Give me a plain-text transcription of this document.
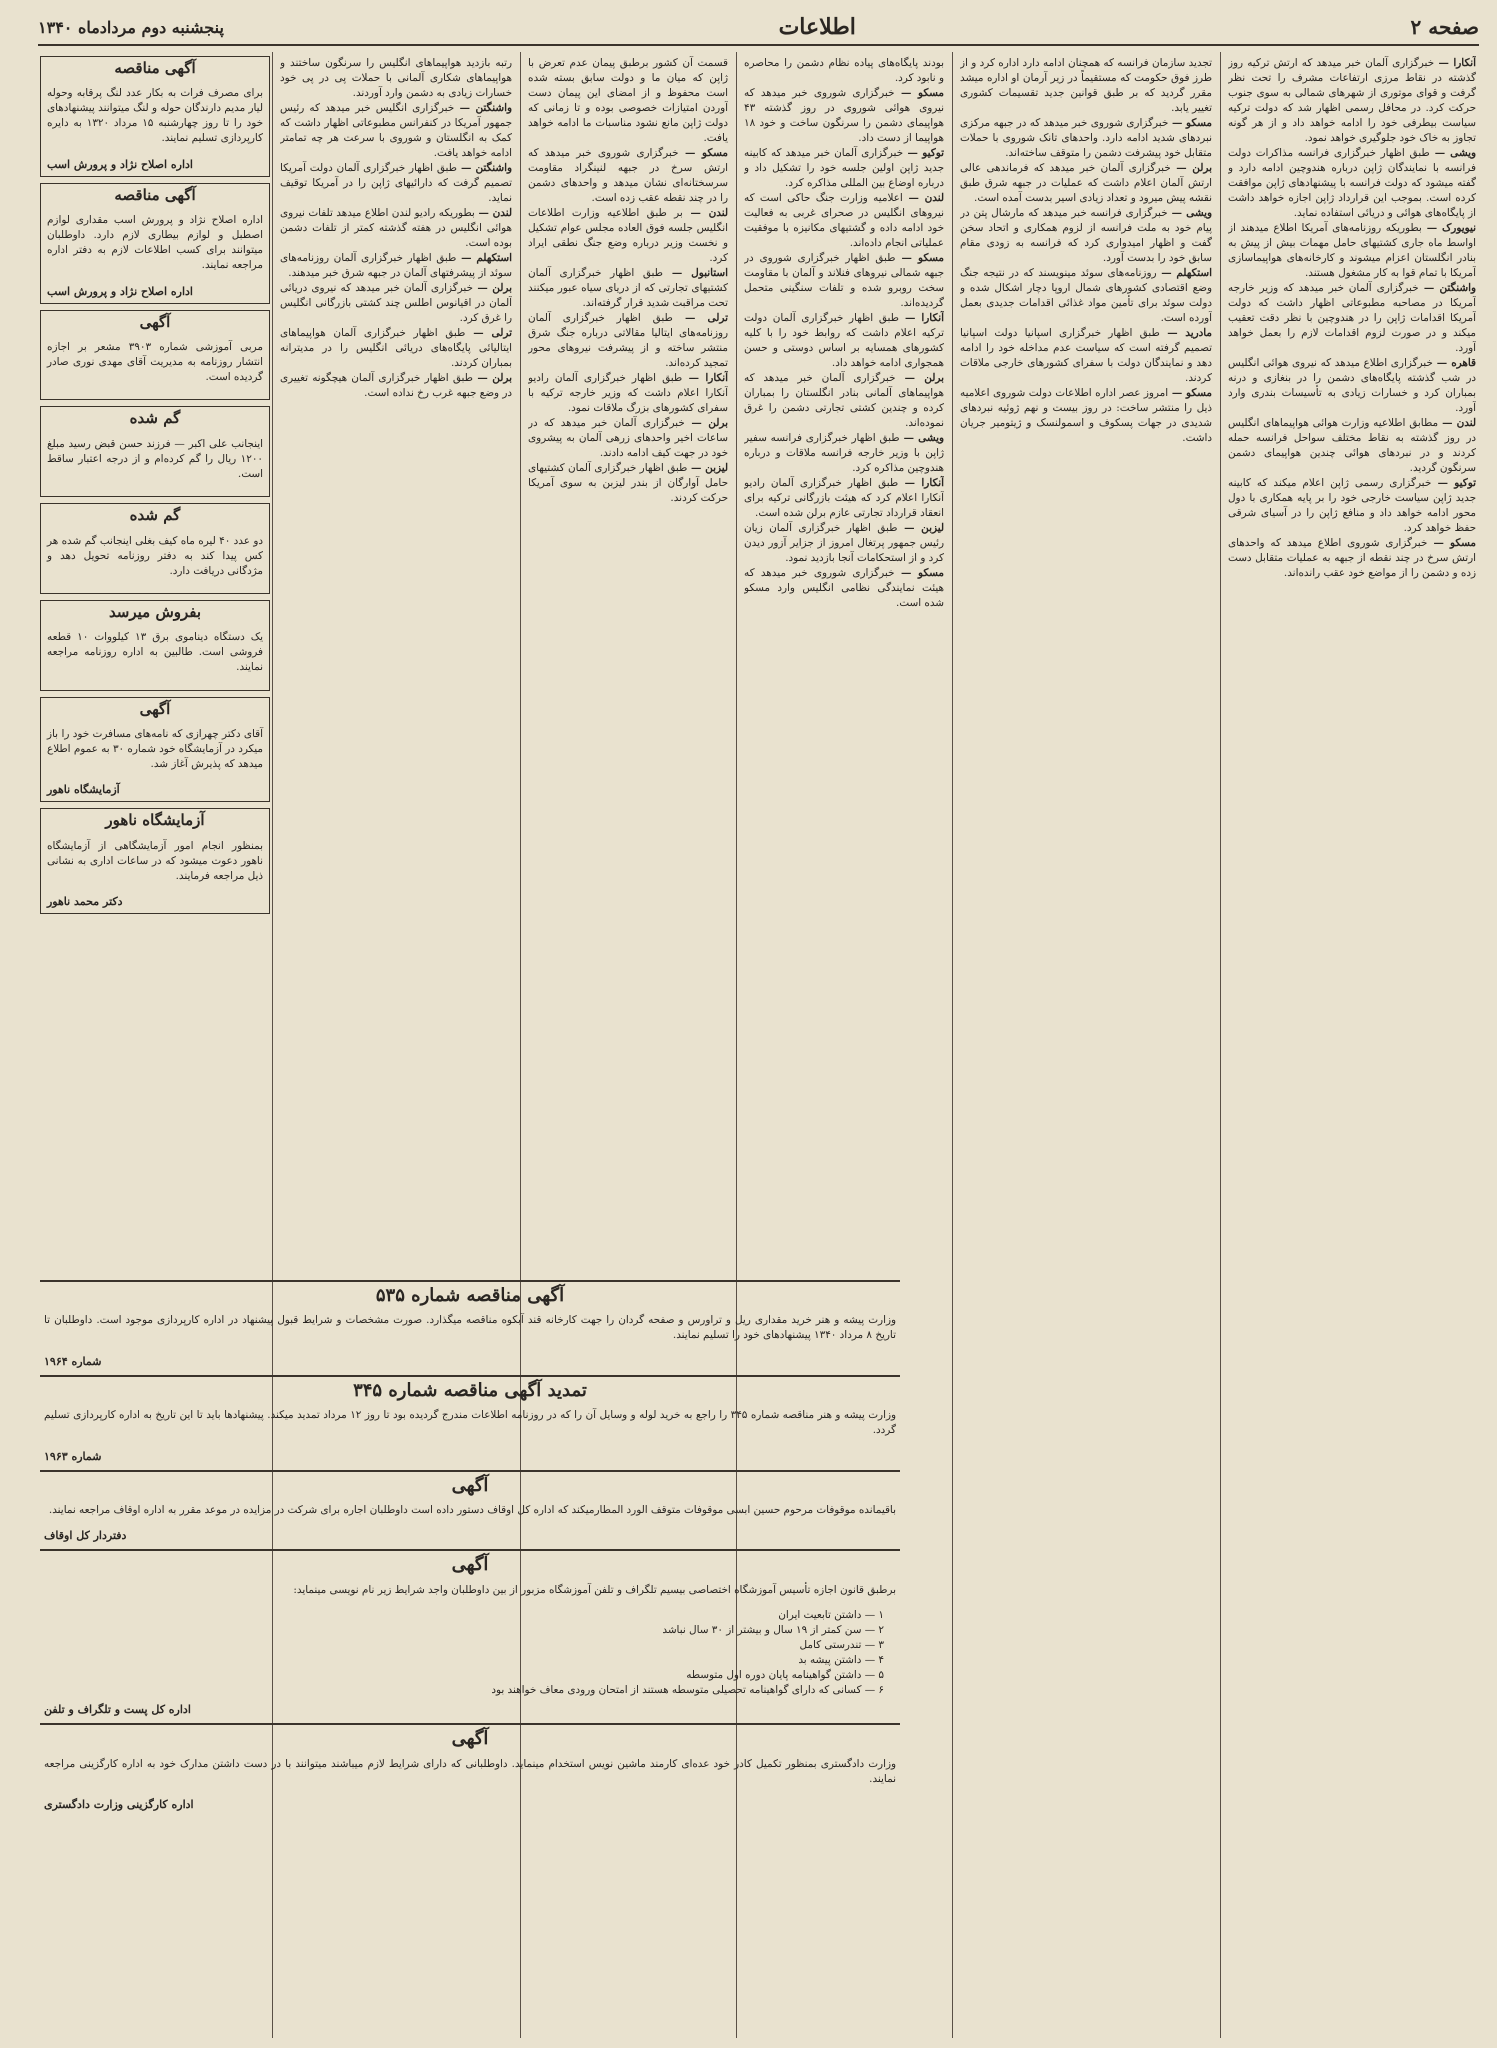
صفحه ۲
اطلاعات
پنجشنبه دوم مردادماه ۱۳۴۰

آنکارا — خبرگزاری آلمان خبر میدهد که ارتش ترکیه روز گذشته در نقاط مرزی ارتفاعات مشرف را تحت نظر گرفت و قوای موتوری از شهرهای شمالی به سوی جنوب حرکت کرد. در محافل رسمی اظهار شد که دولت ترکیه سیاست بیطرفی خود را ادامه خواهد داد و از هر گونه تجاوز به خاک خود جلوگیری خواهد نمود.

ویشی — طبق اظهار خبرگزاری فرانسه مذاکرات دولت فرانسه با نمایندگان ژاپن درباره هندوچین ادامه دارد و گفته میشود که دولت فرانسه با پیشنهادهای ژاپن موافقت کرده است. بموجب این قرارداد ژاپن اجازه خواهد داشت از پایگاه‌های هوائی و دریائی استفاده نماید.

نیویورک — بطوریکه روزنامه‌های آمریکا اطلاع میدهند از اواسط ماه جاری کشتیهای حامل مهمات بیش از پیش به بنادر انگلستان اعزام میشوند و کارخانه‌های هواپیماسازی آمریکا با تمام قوا به کار مشغول هستند.

واشنگتن — خبرگزاری آلمان خبر میدهد که وزیر خارجه آمریکا در مصاحبه مطبوعاتی اظهار داشت که دولت آمریکا اقدامات ژاپن را در هندوچین با نظر دقت تعقیب میکند و در صورت لزوم اقدامات لازم را بعمل خواهد آورد.

قاهره — خبرگزاری اطلاع میدهد که نیروی هوائی انگلیس در شب گذشته پایگاه‌های دشمن را در بنغازی و درنه بمباران کرد و خسارات زیادی به تأسیسات بندری وارد آورد.

لندن — مطابق اطلاعیه وزارت هوائی هواپیماهای انگلیس در روز گذشته به نقاط مختلف سواحل فرانسه حمله کردند و در نبردهای هوائی چندین هواپیمای دشمن سرنگون گردید.

توکیو — خبرگزاری رسمی ژاپن اعلام میکند که کابینه جدید ژاپن سیاست خارجی خود را بر پایه همکاری با دول محور ادامه خواهد داد و منافع ژاپن را در آسیای شرقی حفظ خواهد کرد.

مسکو — خبرگزاری شوروی اطلاع میدهد که واحدهای ارتش سرخ در چند نقطه از جبهه به عملیات متقابل دست زده و دشمن را از مواضع خود عقب رانده‌اند.

تجدید سازمان فرانسه که همچنان ادامه دارد اداره کرد و از طرز فوق حکومت که مستقیماً در زیر آرمان او اداره میشد مقرر گردید که بر طبق قوانین جدید تقسیمات کشوری تغییر یابد.

مسکو — خبرگزاری شوروی خبر میدهد که در جبهه مرکزی نبردهای شدید ادامه دارد. واحدهای تانک شوروی با حملات متقابل خود پیشرفت دشمن را متوقف ساخته‌اند.

برلن — خبرگزاری آلمان خبر میدهد که فرماندهی عالی ارتش آلمان اعلام داشت که عملیات در جبهه شرق طبق نقشه پیش میرود و تعداد زیادی اسیر بدست آمده است.

ویشی — خبرگزاری فرانسه خبر میدهد که مارشال پتن در پیام خود به ملت فرانسه از لزوم همکاری و اتحاد سخن گفت و اظهار امیدواری کرد که فرانسه به زودی مقام سابق خود را بدست آورد.

استکهلم — روزنامه‌های سوئد مینویسند که در نتیجه جنگ وضع اقتصادی کشورهای شمال اروپا دچار اشکال شده و دولت سوئد برای تأمین مواد غذائی اقدامات جدیدی بعمل آورده است.

مادرید — طبق اظهار خبرگزاری اسپانیا دولت اسپانیا تصمیم گرفته است که سیاست عدم مداخله خود را ادامه دهد و نمایندگان دولت با سفرای کشورهای خارجی ملاقات کردند.

مسکو — امروز عصر اداره اطلاعات دولت شوروی اعلامیه ذیل را منتشر ساخت: در روز بیست و نهم ژوئیه نبردهای شدیدی در جهات پسکوف و اسمولنسک و ژیتومیر جریان داشت.

بودند پایگاه‌های پیاده نظام دشمن را محاصره و نابود کرد.

مسکو — خبرگزاری شوروی خبر میدهد که نیروی هوائی شوروی در روز گذشته ۴۳ هواپیمای دشمن را سرنگون ساخت و خود ۱۸ هواپیما از دست داد.

توکیو — خبرگزاری آلمان خبر میدهد که کابینه جدید ژاپن اولین جلسه خود را تشکیل داد و درباره اوضاع بین المللی مذاکره کرد.

لندن — اعلامیه وزارت جنگ حاکی است که نیروهای انگلیس در صحرای غربی به فعالیت خود ادامه داده و گشتیهای مکانیزه با موفقیت عملیاتی انجام داده‌اند.

مسکو — طبق اظهار خبرگزاری شوروی در جبهه شمالی نیروهای فنلاند و آلمان با مقاومت سخت روبرو شده و تلفات سنگینی متحمل گردیده‌اند.

آنکارا — طبق اظهار خبرگزاری آلمان دولت ترکیه اعلام داشت که روابط خود را با کلیه کشورهای همسایه بر اساس دوستی و حسن همجواری ادامه خواهد داد.

برلن — خبرگزاری آلمان خبر میدهد که هواپیماهای آلمانی بنادر انگلستان را بمباران کرده و چندین کشتی تجارتی دشمن را غرق نموده‌اند.

ویشی — طبق اظهار خبرگزاری فرانسه سفیر ژاپن با وزیر خارجه فرانسه ملاقات و درباره هندوچین مذاکره کرد.

آنکارا — طبق اظهار خبرگزاری آلمان رادیو آنکارا اعلام کرد که هیئت بازرگانی ترکیه برای انعقاد قرارداد تجارتی عازم برلن شده است.

لیزبن — طبق اظهار خبرگزاری آلمان زیان رئیس جمهور پرتغال امروز از جزایر آزور دیدن کرد و از استحکامات آنجا بازدید نمود.

مسکو — خبرگزاری شوروی خبر میدهد که هیئت نمایندگی نظامی انگلیس وارد مسکو شده است.

قسمت آن کشور برطبق پیمان عدم تعرض با ژاپن که میان ما و دولت سابق بسته شده است محفوظ و از امضای این پیمان دست آوردن امتیازات خصوصی بوده و تا زمانی که دولت ژاپن مانع نشود مناسبات ما ادامه خواهد یافت.

مسکو — خبرگزاری شوروی خبر میدهد که ارتش سرخ در جبهه لنینگراد مقاومت سرسختانه‌ای نشان میدهد و واحدهای دشمن را در چند نقطه عقب زده است.

لندن — بر طبق اطلاعیه وزارت اطلاعات انگلیس جلسه فوق العاده مجلس عوام تشکیل و نخست وزیر درباره وضع جنگ نطقی ایراد کرد.

استانبول — طبق اظهار خبرگزاری آلمان کشتیهای تجارتی که از دریای سیاه عبور میکنند تحت مراقبت شدید قرار گرفته‌اند.

ترلی — طبق اظهار خبرگزاری آلمان روزنامه‌های ایتالیا مقالاتی درباره جنگ شرق منتشر ساخته و از پیشرفت نیروهای محور تمجید کرده‌اند.

آنکارا — طبق اظهار خبرگزاری آلمان رادیو آنکارا اعلام داشت که وزیر خارجه ترکیه با سفرای کشورهای بزرگ ملاقات نمود.

برلن — خبرگزاری آلمان خبر میدهد که در ساعات اخیر واحدهای زرهی آلمان به پیشروی خود در جهت کیف ادامه دادند.

لیزبن — طبق اظهار خبرگزاری آلمان کشتیهای حامل آوارگان از بندر لیزبن به سوی آمریکا حرکت کردند.

رتبه بازدید هواپیماهای انگلیس را سرنگون ساختند و هواپیماهای شکاری آلمانی با حملات پی در پی خود خسارات زیادی به دشمن وارد آوردند.

واشنگتن — خبرگزاری انگلیس خبر میدهد که رئیس جمهور آمریکا در کنفرانس مطبوعاتی اظهار داشت که کمک به انگلستان و شوروی با سرعت هر چه تمامتر ادامه خواهد یافت.

واشنگتن — طبق اظهار خبرگزاری آلمان دولت آمریکا تصمیم گرفت که دارائیهای ژاپن را در آمریکا توقیف نماید.

لندن — بطوریکه رادیو لندن اطلاع میدهد تلفات نیروی هوائی انگلیس در هفته گذشته کمتر از تلفات دشمن بوده است.

استکهلم — طبق اظهار خبرگزاری آلمان روزنامه‌های سوئد از پیشرفتهای آلمان در جبهه شرق خبر میدهند.

برلن — خبرگزاری آلمان خبر میدهد که نیروی دریائی آلمان در اقیانوس اطلس چند کشتی بازرگانی انگلیس را غرق کرد.

ترلی — طبق اظهار خبرگزاری آلمان هواپیماهای ایتالیائی پایگاه‌های دریائی انگلیس را در مدیترانه بمباران کردند.

برلن — طبق اظهار خبرگزاری آلمان هیچگونه تغییری در وضع جبهه غرب رخ نداده است.

آگهی مناقصه

برای مصرف فرات به بکار عدد لنگ پرقابه وحوله لیار مدیم دارندگان حوله و لنگ میتوانند پیشنهادهای خود را تا روز چهارشنبه ۱۵ مرداد ۱۳۲۰ به دایره کارپردازی تسلیم نمایند.

اداره اصلاح نژاد و پرورش اسب
آگهی مناقصه

اداره اصلاح نژاد و پرورش اسب مقداری لوازم اصطبل و لوازم بیطاری لازم دارد. داوطلبان میتوانند برای کسب اطلاعات لازم به دفتر اداره مراجعه نمایند.

اداره اصلاح نژاد و پرورش اسب
آگهی

مربی آموزشی شماره ۳۹۰۳ مشعر بر اجازه انتشار روزنامه به مدیریت آقای مهدی نوری صادر گردیده است.

گم شده

اینجانب علی اکبر — فرزند حسن قبض رسید مبلغ ۱۲۰۰ ریال را گم کرده‌ام و از درجه اعتبار ساقط است.

گم شده

دو عدد ۴۰ لیره ماه کیف بغلی اینجانب گم شده هر کس پیدا کند به دفتر روزنامه تحویل دهد و مژدگانی دریافت دارد.

بفروش میرسد

یک دستگاه دیناموی برق ۱۳ کیلووات ۱۰ قطعه فروشی است. طالبین به اداره روزنامه مراجعه نمایند.

آگهی

آقای دکتر چهرازی که نامه‌های مسافرت خود را باز میکرد در آزمایشگاه خود شماره ۳۰ به عموم اطلاع میدهد که پذیرش آغاز شد.

آزمایشگاه ناهور
آزمایشگاه ناهور

بمنظور انجام امور آزمایشگاهی از آزمایشگاه ناهور دعوت میشود که در ساعات اداری به نشانی ذیل مراجعه فرمایند.

دکتر محمد ناهور
آگهی مناقصه شماره ۵۳۵

وزارت پیشه و هنر خرید مقداری ریل و تراورس و صفحه گردان را جهت کارخانه قند آبکوه مناقصه میگذارد. صورت مشخصات و شرایط قبول پیشنهاد در اداره کارپردازی موجود است. داوطلبان تا تاریخ ۸ مرداد ۱۳۴۰ پیشنهادهای خود را تسلیم نمایند.

شماره ۱۹۶۴
تمدید آگهی مناقصه شماره ۳۴۵

وزارت پیشه و هنر مناقصه شماره ۳۴۵ را راجع به خرید لوله و وسایل آن را که در روزنامه اطلاعات مندرج گردیده بود تا روز ۱۲ مرداد تمدید میکند. پیشنهادها باید تا این تاریخ به اداره کارپردازی تسلیم گردد.

شماره ۱۹۶۳
آگهی

باقیمانده موقوفات مرحوم حسین ابسی موقوفات متوقف الورد المطارمیکند که اداره کل اوقاف دستور داده است داوطلبان اجاره برای شرکت در مزایده در موعد مقرر به اداره اوقاف مراجعه نمایند.

دفتردار کل اوقاف
آگهی

برطبق قانون اجازه تأسیس آموزشگاه اختصاصی بیسیم تلگراف و تلفن آموزشگاه مزبور از بین داوطلبان واجد شرایط زیر نام نویسی مینماید:

۱ — داشتن تابعیت ایران
۲ — سن کمتر از ۱۹ سال و بیشتر از ۳۰ سال نباشد
۳ — تندرستی کامل
۴ — داشتن پیشه بد
۵ — داشتن گواهینامه پایان دوره اول متوسطه
۶ — کسانی که دارای گواهینامه تحصیلی متوسطه هستند از امتحان ورودی معاف خواهند بود
اداره کل پست و تلگراف و تلفن
آگهی

وزارت دادگستری بمنظور تکمیل کادر خود عده‌ای کارمند ماشین نویس استخدام مینماید. داوطلبانی که دارای شرایط لازم میباشند میتوانند با در دست داشتن مدارک خود به اداره کارگزینی مراجعه نمایند.

اداره کارگزینی وزارت دادگستری
